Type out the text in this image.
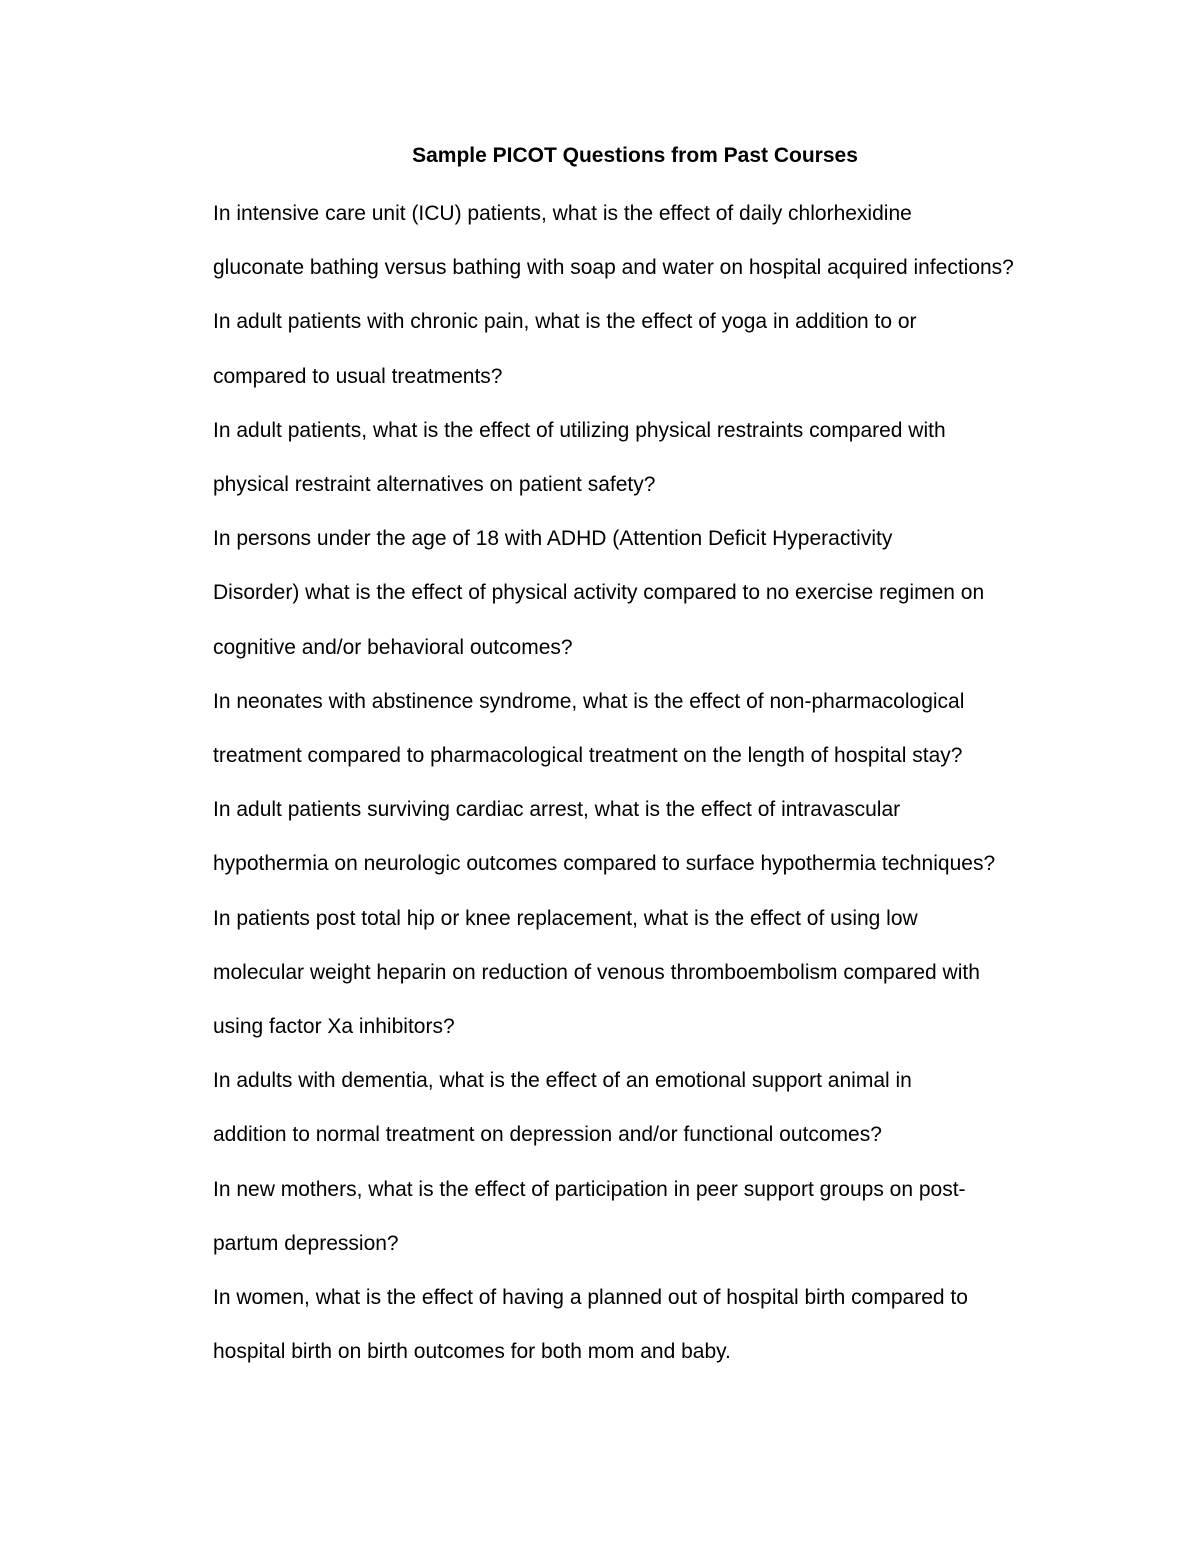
Sample PICOT Questions from Past Courses

In intensive care unit (ICU) patients, what is the effect of daily chlorhexidine
gluconate bathing versus bathing with soap and water on hospital acquired infections?

In adult patients with chronic pain, what is the effect of yoga in addition to or
compared to usual treatments?

In adult patients, what is the effect of utilizing physical restraints compared with
physical restraint alternatives on patient safety?

In persons under the age of 18 with ADHD (Attention Deficit Hyperactivity
Disorder) what is the effect of physical activity compared to no exercise regimen on
cognitive and/or behavioral outcomes?

In neonates with abstinence syndrome, what is the effect of non-pharmacological
treatment compared to pharmacological treatment on the length of hospital stay?

In adult patients surviving cardiac arrest, what is the effect of intravascular
hypothermia on neurologic outcomes compared to surface hypothermia techniques?

In patients post total hip or knee replacement, what is the effect of using low
molecular weight heparin on reduction of venous thromboembolism compared with
using factor Xa inhibitors?

In adults with dementia, what is the effect of an emotional support animal in
addition to normal treatment on depression and/or functional outcomes?

In new mothers, what is the effect of participation in peer support groups on post-
partum depression?

In women, what is the effect of having a planned out of hospital birth compared to
hospital birth on birth outcomes for both mom and baby.
